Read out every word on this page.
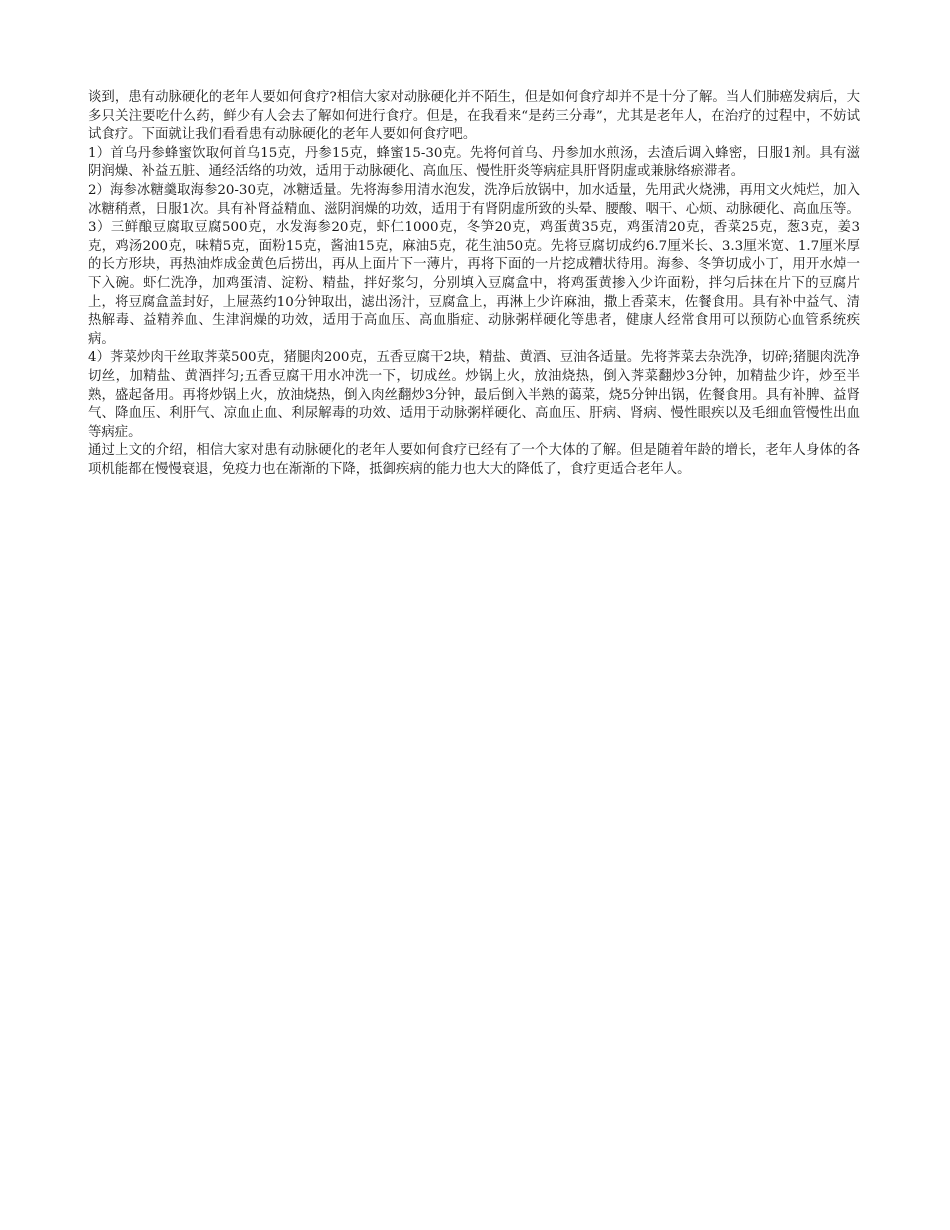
谈到，患有动脉硬化的老年人要如何食疗?相信大家对动脉硬化并不陌生，但是如何食疗却并不是十分了解。当人们肺癌发病后，大多只关注要吃什么药，鲜少有人会去了解如何进行食疗。但是，在我看来“是药三分毒”，尤其是老年人，在治疗的过程中，不妨试试食疗。下面就让我们看看患有动脉硬化的老年人要如何食疗吧。

1）首乌丹参蜂蜜饮取何首乌15克，丹参15克，蜂蜜15-30克。先将何首乌、丹参加水煎汤，去渣后调入蜂密，日服1剂。具有滋阴润燥、补益五脏、通经活络的功效，适用于动脉硬化、高血压、慢性肝炎等病症具肝肾阴虚或兼脉络瘀滞者。

2）海参冰糖羹取海参20-30克，冰糖适量。先将海参用清水泡发，洗净后放锅中，加水适量，先用武火烧沸，再用文火炖烂，加入冰糖稍煮，日服1次。具有补肾益精血、滋阴润燥的功效，适用于有肾阴虚所致的头晕、腰酸、咽干、心烦、动脉硬化、高血压等。

3）三鲜酿豆腐取豆腐500克，水发海参20克，虾仁1000克，冬笋20克，鸡蛋黄35克，鸡蛋清20克，香菜25克，葱3克，姜3克，鸡汤200克，味精5克，面粉15克，酱油15克，麻油5克，花生油50克。先将豆腐切成约6.7厘米长、3.3厘米宽、1.7厘米厚的长方形块，再热油炸成金黄色后捞出，再从上面片下一薄片，再将下面的一片挖成糟状待用。海参、冬笋切成小丁，用开水焯一下入碗。虾仁洗净，加鸡蛋清、淀粉、精盐，拌好浆匀，分别填入豆腐盒中，将鸡蛋黄掺入少许面粉，拌匀后抹在片下的豆腐片上，将豆腐盒盖封好，上屉蒸约10分钟取出，滤出汤汁，豆腐盒上，再淋上少许麻油，撒上香菜末，佐餐食用。具有补中益气、清热解毒、益精养血、生津润燥的功效，适用于高血压、高血脂症、动脉粥样硬化等患者，健康人经常食用可以预防心血管系统疾病。

4）荠菜炒肉干丝取荠菜500克，猪腿肉200克，五香豆腐干2块，精盐、黄酒、豆油各适量。先将荠菜去杂洗净，切碎;猪腿肉洗净切丝，加精盐、黄酒拌匀;五香豆腐干用水冲洗一下，切成丝。炒锅上火，放油烧热，倒入荠菜翻炒3分钟，加精盐少许，炒至半熟，盛起备用。再将炒锅上火，放油烧热，倒入肉丝翻炒3分钟，最后倒入半熟的蔼菜，烧5分钟出锅，佐餐食用。具有补脾、益肾气、降血压、利肝气、凉血止血、利尿解毒的功效、适用于动脉粥样硬化、高血压、肝病、肾病、慢性眼疾以及毛细血管慢性出血等病症。

通过上文的介绍，相信大家对患有动脉硬化的老年人要如何食疗已经有了一个大体的了解。但是随着年龄的增长，老年人身体的各项机能都在慢慢衰退，免疫力也在渐渐的下降，抵御疾病的能力也大大的降低了，食疗更适合老年人。
